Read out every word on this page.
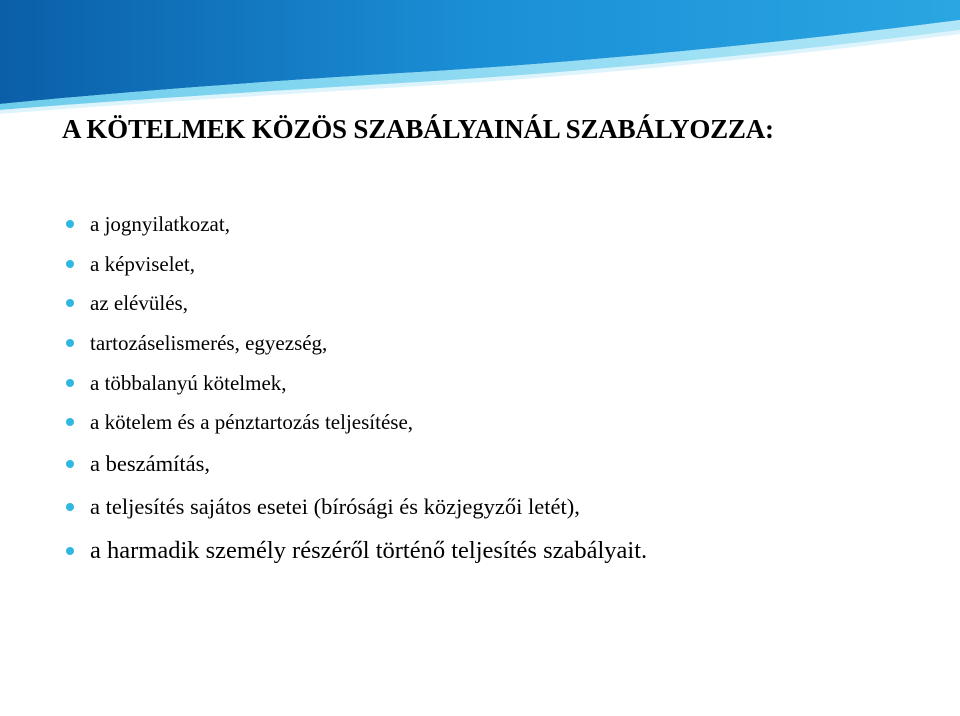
A KÖTELMEK KÖZÖS SZABÁLYAINÁL SZABÁLYOZZA:
a jognyilatkozat,
a képviselet,
az elévülés,
tartozáselismerés, egyezség,
a többalanyú kötelmek,
a kötelem és a pénztartozás teljesítése,
a beszámítás,
a teljesítés sajátos esetei (bírósági és közjegyzői letét),
a harmadik személy részéről történő teljesítés szabályait.
